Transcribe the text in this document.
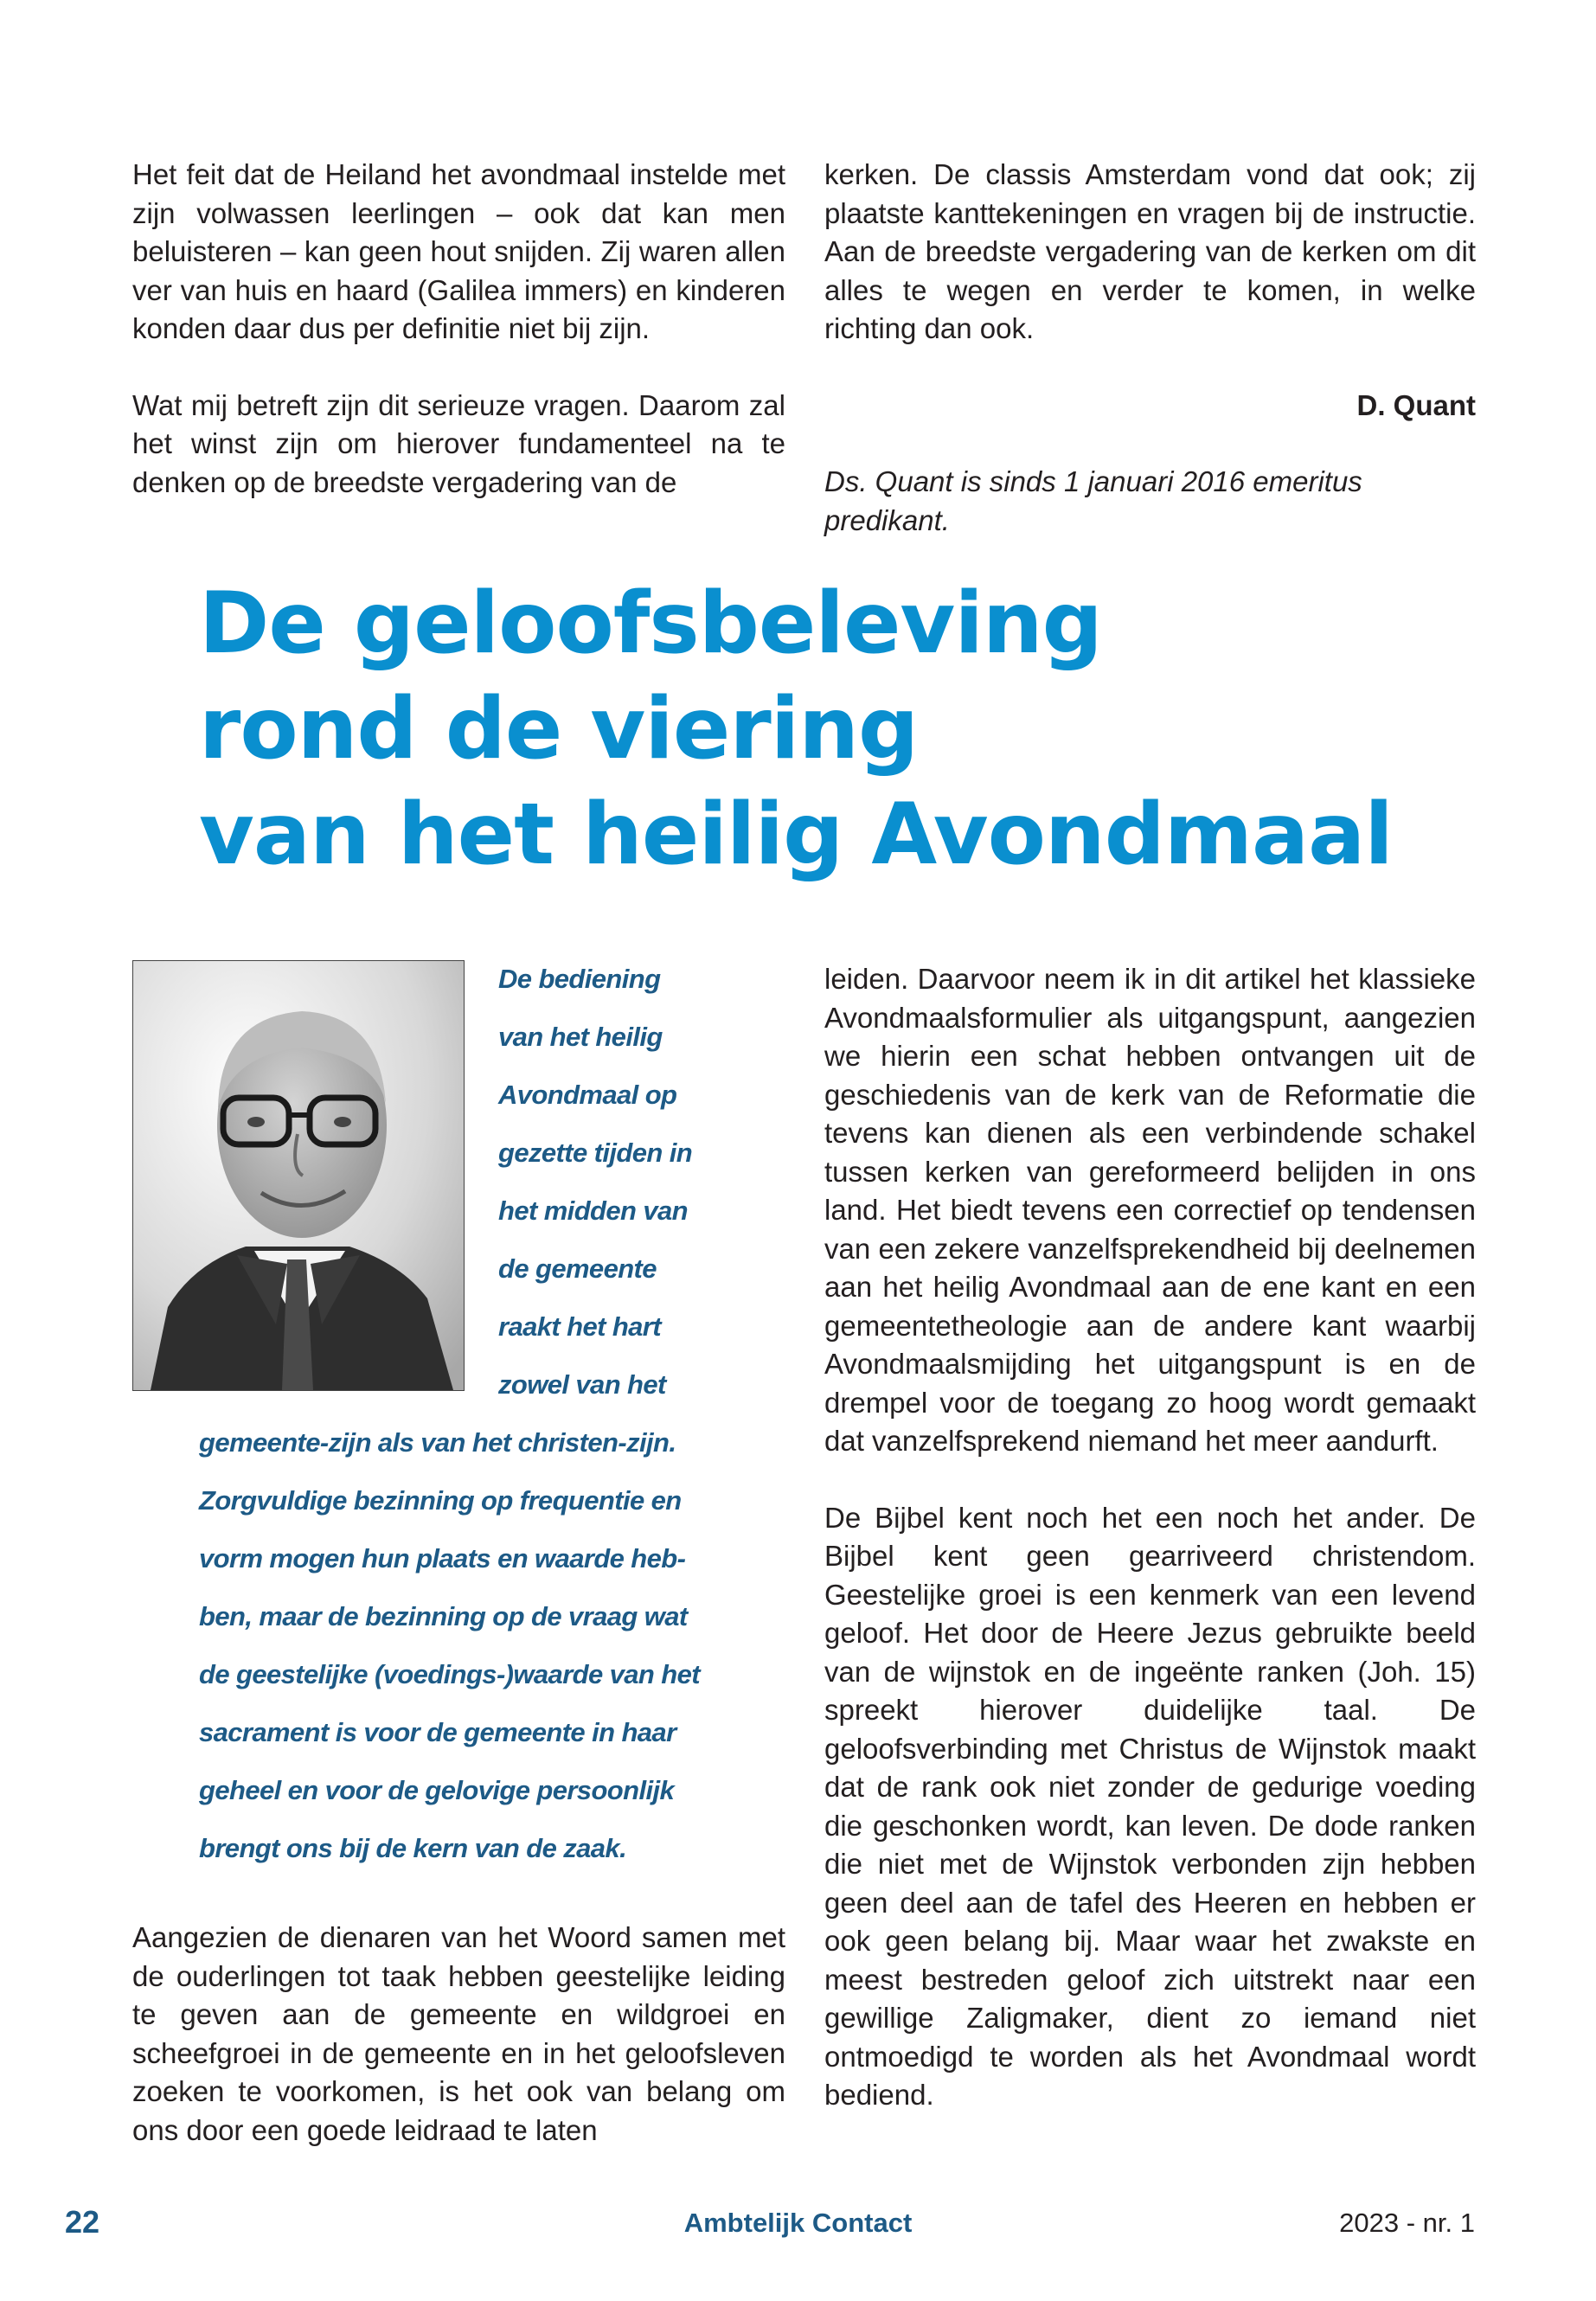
Het feit dat de Heiland het avondmaal instelde met zijn volwassen leerlingen – ook dat kan men beluisteren – kan geen hout snijden. Zij waren allen ver van huis en haard (Galilea immers) en kinderen konden daar dus per definitie niet bij zijn.

Wat mij betreft zijn dit serieuze vragen. Daarom zal het winst zijn om hierover fundamenteel na te denken op de breedste vergadering van de

kerken. De classis Amsterdam vond dat ook; zij plaatste kanttekeningen en vragen bij de instructie. Aan de breedste vergadering van de kerken om dit alles te wegen en verder te komen, in welke richting dan ook.

D. Quant

Ds. Quant is sinds 1 januari 2016 emeritus predikant.

De geloofsbeleving
rond de viering
van het heilig Avondmaal
De bediening
van het heilig
Avondmaal op
gezette tijden in
het midden van
de gemeente
raakt het hart
zowel van het
gemeente-zijn als van het christen-zijn.
Zorgvuldige bezinning op frequentie en
vorm mogen hun plaats en waarde heb-
ben, maar de bezinning op de vraag wat
de geestelijke (voedings-)waarde van het
sacrament is voor de gemeente in haar
geheel en voor de gelovige persoonlijk
brengt ons bij de kern van de zaak.

Aangezien de dienaren van het Woord samen met de ouderlingen tot taak hebben geestelijke leiding te geven aan de gemeente en wildgroei en scheefgroei in de gemeente en in het geloofsleven zoeken te voorkomen, is het ook van belang om ons door een goede leidraad te laten

leiden. Daarvoor neem ik in dit artikel het klassieke Avondmaalsformulier als uitgangspunt, aangezien we hierin een schat hebben ontvangen uit de geschiedenis van de kerk van de Reformatie die tevens kan dienen als een verbindende schakel tussen kerken van gereformeerd belijden in ons land. Het biedt tevens een correctief op tendensen van een zekere vanzelfsprekendheid bij deelnemen aan het heilig Avondmaal aan de ene kant en een gemeentetheologie aan de andere kant waarbij Avondmaalsmijding het uitgangspunt is en de drempel voor de toegang zo hoog wordt gemaakt dat vanzelfsprekend niemand het meer aandurft.

De Bijbel kent noch het een noch het ander. De Bijbel kent geen gearriveerd christendom. Geestelijke groei is een kenmerk van een levend geloof. Het door de Heere Jezus gebruikte beeld van de wijnstok en de ingeënte ranken (Joh. 15) spreekt hierover duidelijke taal. De geloofsverbinding met Christus de Wijnstok maakt dat de rank ook niet zonder de gedurige voeding die geschonken wordt, kan leven. De dode ranken die niet met de Wijnstok verbonden zijn hebben geen deel aan de tafel des Heeren en hebben er ook geen belang bij. Maar waar het zwakste en meest bestreden geloof zich uitstrekt naar een gewillige Zaligmaker, dient zo iemand niet ontmoedigd te worden als het Avondmaal wordt bediend.

22	Ambtelijk Contact	2023 - nr. 1
